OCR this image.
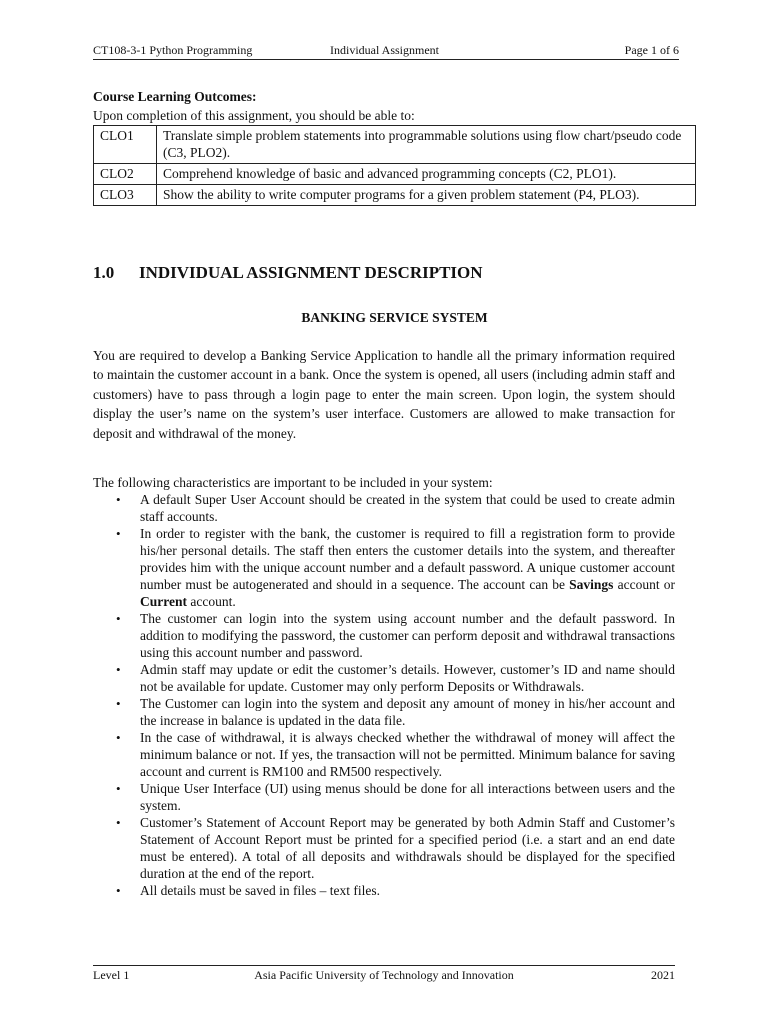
CT108-3-1 Python Programming	Individual Assignment	Page 1 of 6
Course Learning Outcomes:
Upon completion of this assignment, you should be able to:
CLO1	Translate simple problem statements into programmable solutions using flow chart/pseudo code (C3, PLO2).
CLO2	Comprehend knowledge of basic and advanced programming concepts (C2, PLO1).
CLO3	Show the ability to write computer programs for a given problem statement (P4, PLO3).
1.0 INDIVIDUAL ASSIGNMENT DESCRIPTION
BANKING SERVICE SYSTEM
You are required to develop a Banking Service Application to handle all the primary information required to maintain the customer account in a bank. Once the system is opened, all users (including admin staff and customers) have to pass through a login page to enter the main screen. Upon login, the system should display the user’s name on the system’s user interface. Customers are allowed to make transaction for deposit and withdrawal of the money.
The following characteristics are important to be included in your system:
• A default Super User Account should be created in the system that could be used to create admin staff accounts.
• In order to register with the bank, the customer is required to fill a registration form to provide his/her personal details. The staff then enters the customer details into the system, and thereafter provides him with the unique account number and a default password. A unique customer account number must be autogenerated and should in a sequence. The account can be Savings account or Current account.
• The customer can login into the system using account number and the default password. In addition to modifying the password, the customer can perform deposit and withdrawal transactions using this account number and password.
• Admin staff may update or edit the customer’s details. However, customer’s ID and name should not be available for update. Customer may only perform Deposits or Withdrawals.
• The Customer can login into the system and deposit any amount of money in his/her account and the increase in balance is updated in the data file.
• In the case of withdrawal, it is always checked whether the withdrawal of money will affect the minimum balance or not. If yes, the transaction will not be permitted. Minimum balance for saving account and current is RM100 and RM500 respectively.
• Unique User Interface (UI) using menus should be done for all interactions between users and the system.
• Customer’s Statement of Account Report may be generated by both Admin Staff and Customer’s Statement of Account Report must be printed for a specified period (i.e. a start and an end date must be entered). A total of all deposits and withdrawals should be displayed for the specified duration at the end of the report.
• All details must be saved in files – text files.
Level 1	Asia Pacific University of Technology and Innovation	2021
